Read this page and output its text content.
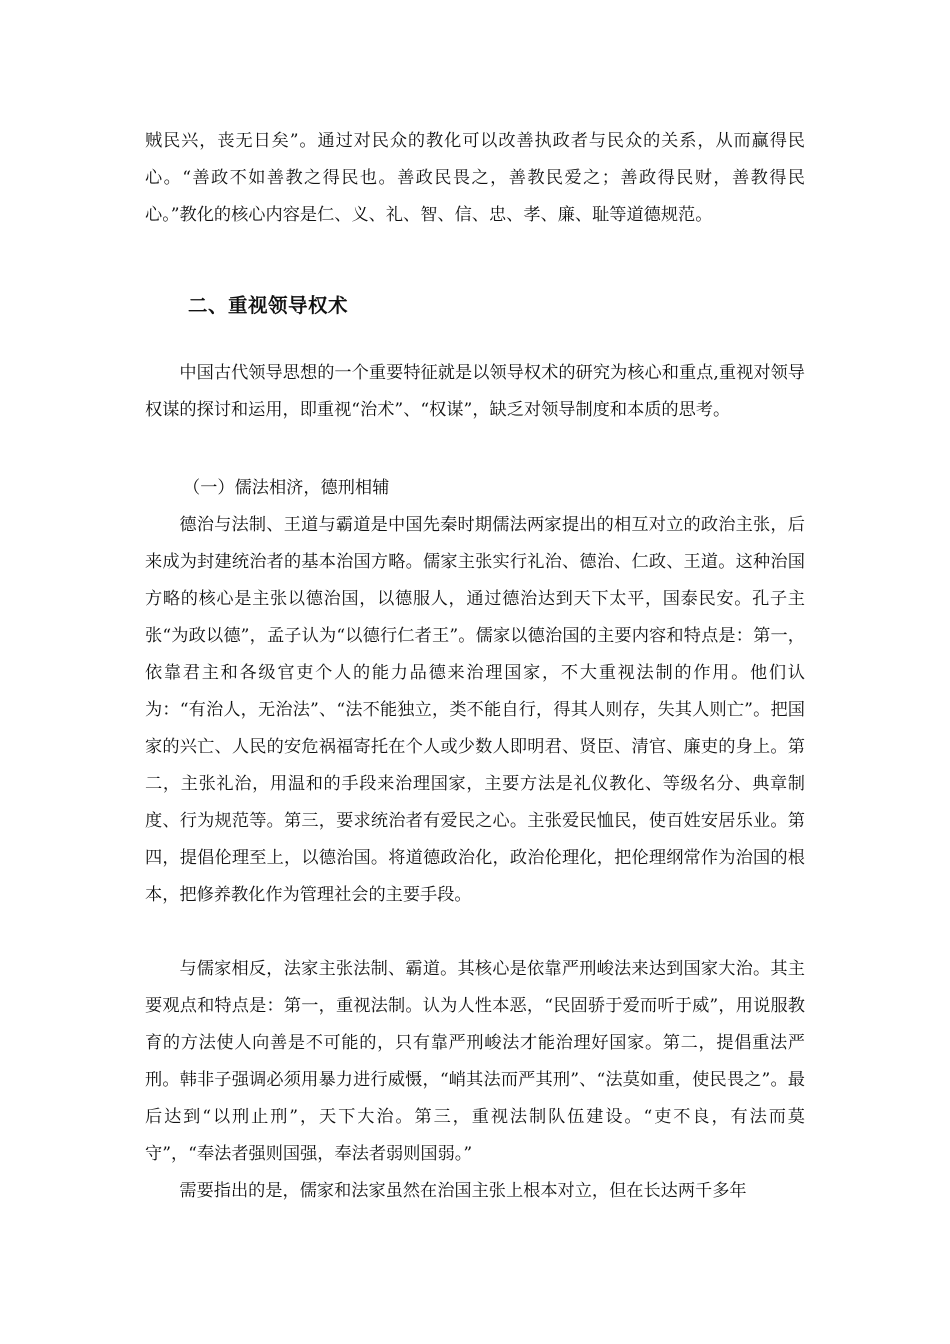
贼民兴，丧无日矣”。通过对民众的教化可以改善执政者与民众的关系，从而赢得民心。“善政不如善教之得民也。善政民畏之，善教民爱之；善政得民财，善教得民心。”教化的核心内容是仁、义、礼、智、信、忠、孝、廉、耻等道德规范。

二、重视领导权术

中国古代领导思想的一个重要特征就是以领导权术的研究为核心和重点,重视对领导权谋的探讨和运用，即重视“治术”、“权谋”，缺乏对领导制度和本质的思考。

（一）儒法相济，德刑相辅

德治与法制、王道与霸道是中国先秦时期儒法两家提出的相互对立的政治主张，后来成为封建统治者的基本治国方略。儒家主张实行礼治、德治、仁政、王道。这种治国方略的核心是主张以德治国，以德服人，通过德治达到天下太平，国泰民安。孔子主张“为政以德”，孟子认为“以德行仁者王”。儒家以德治国的主要内容和特点是：第一，依靠君主和各级官吏个人的能力品德来治理国家，不大重视法制的作用。他们认为：“有治人，无治法”、“法不能独立，类不能自行，得其人则存，失其人则亡”。把国家的兴亡、人民的安危祸福寄托在个人或少数人即明君、贤臣、清官、廉吏的身上。第二，主张礼治，用温和的手段来治理国家，主要方法是礼仪教化、等级名分、典章制度、行为规范等。第三，要求统治者有爱民之心。主张爱民恤民，使百姓安居乐业。第四，提倡伦理至上，以德治国。将道德政治化，政治伦理化，把伦理纲常作为治国的根本，把修养教化作为管理社会的主要手段。

与儒家相反，法家主张法制、霸道。其核心是依靠严刑峻法来达到国家大治。其主要观点和特点是：第一，重视法制。认为人性本恶，“民固骄于爱而听于威”，用说服教育的方法使人向善是不可能的，只有靠严刑峻法才能治理好国家。第二，提倡重法严刑。韩非子强调必须用暴力进行威慑，“峭其法而严其刑”、“法莫如重，使民畏之”。最后达到“以刑止刑”，天下大治。第三，重视法制队伍建设。“吏不良，有法而莫守”，“奉法者强则国强，奉法者弱则国弱。”

需要指出的是，儒家和法家虽然在治国主张上根本对立，但在长达两千多年
